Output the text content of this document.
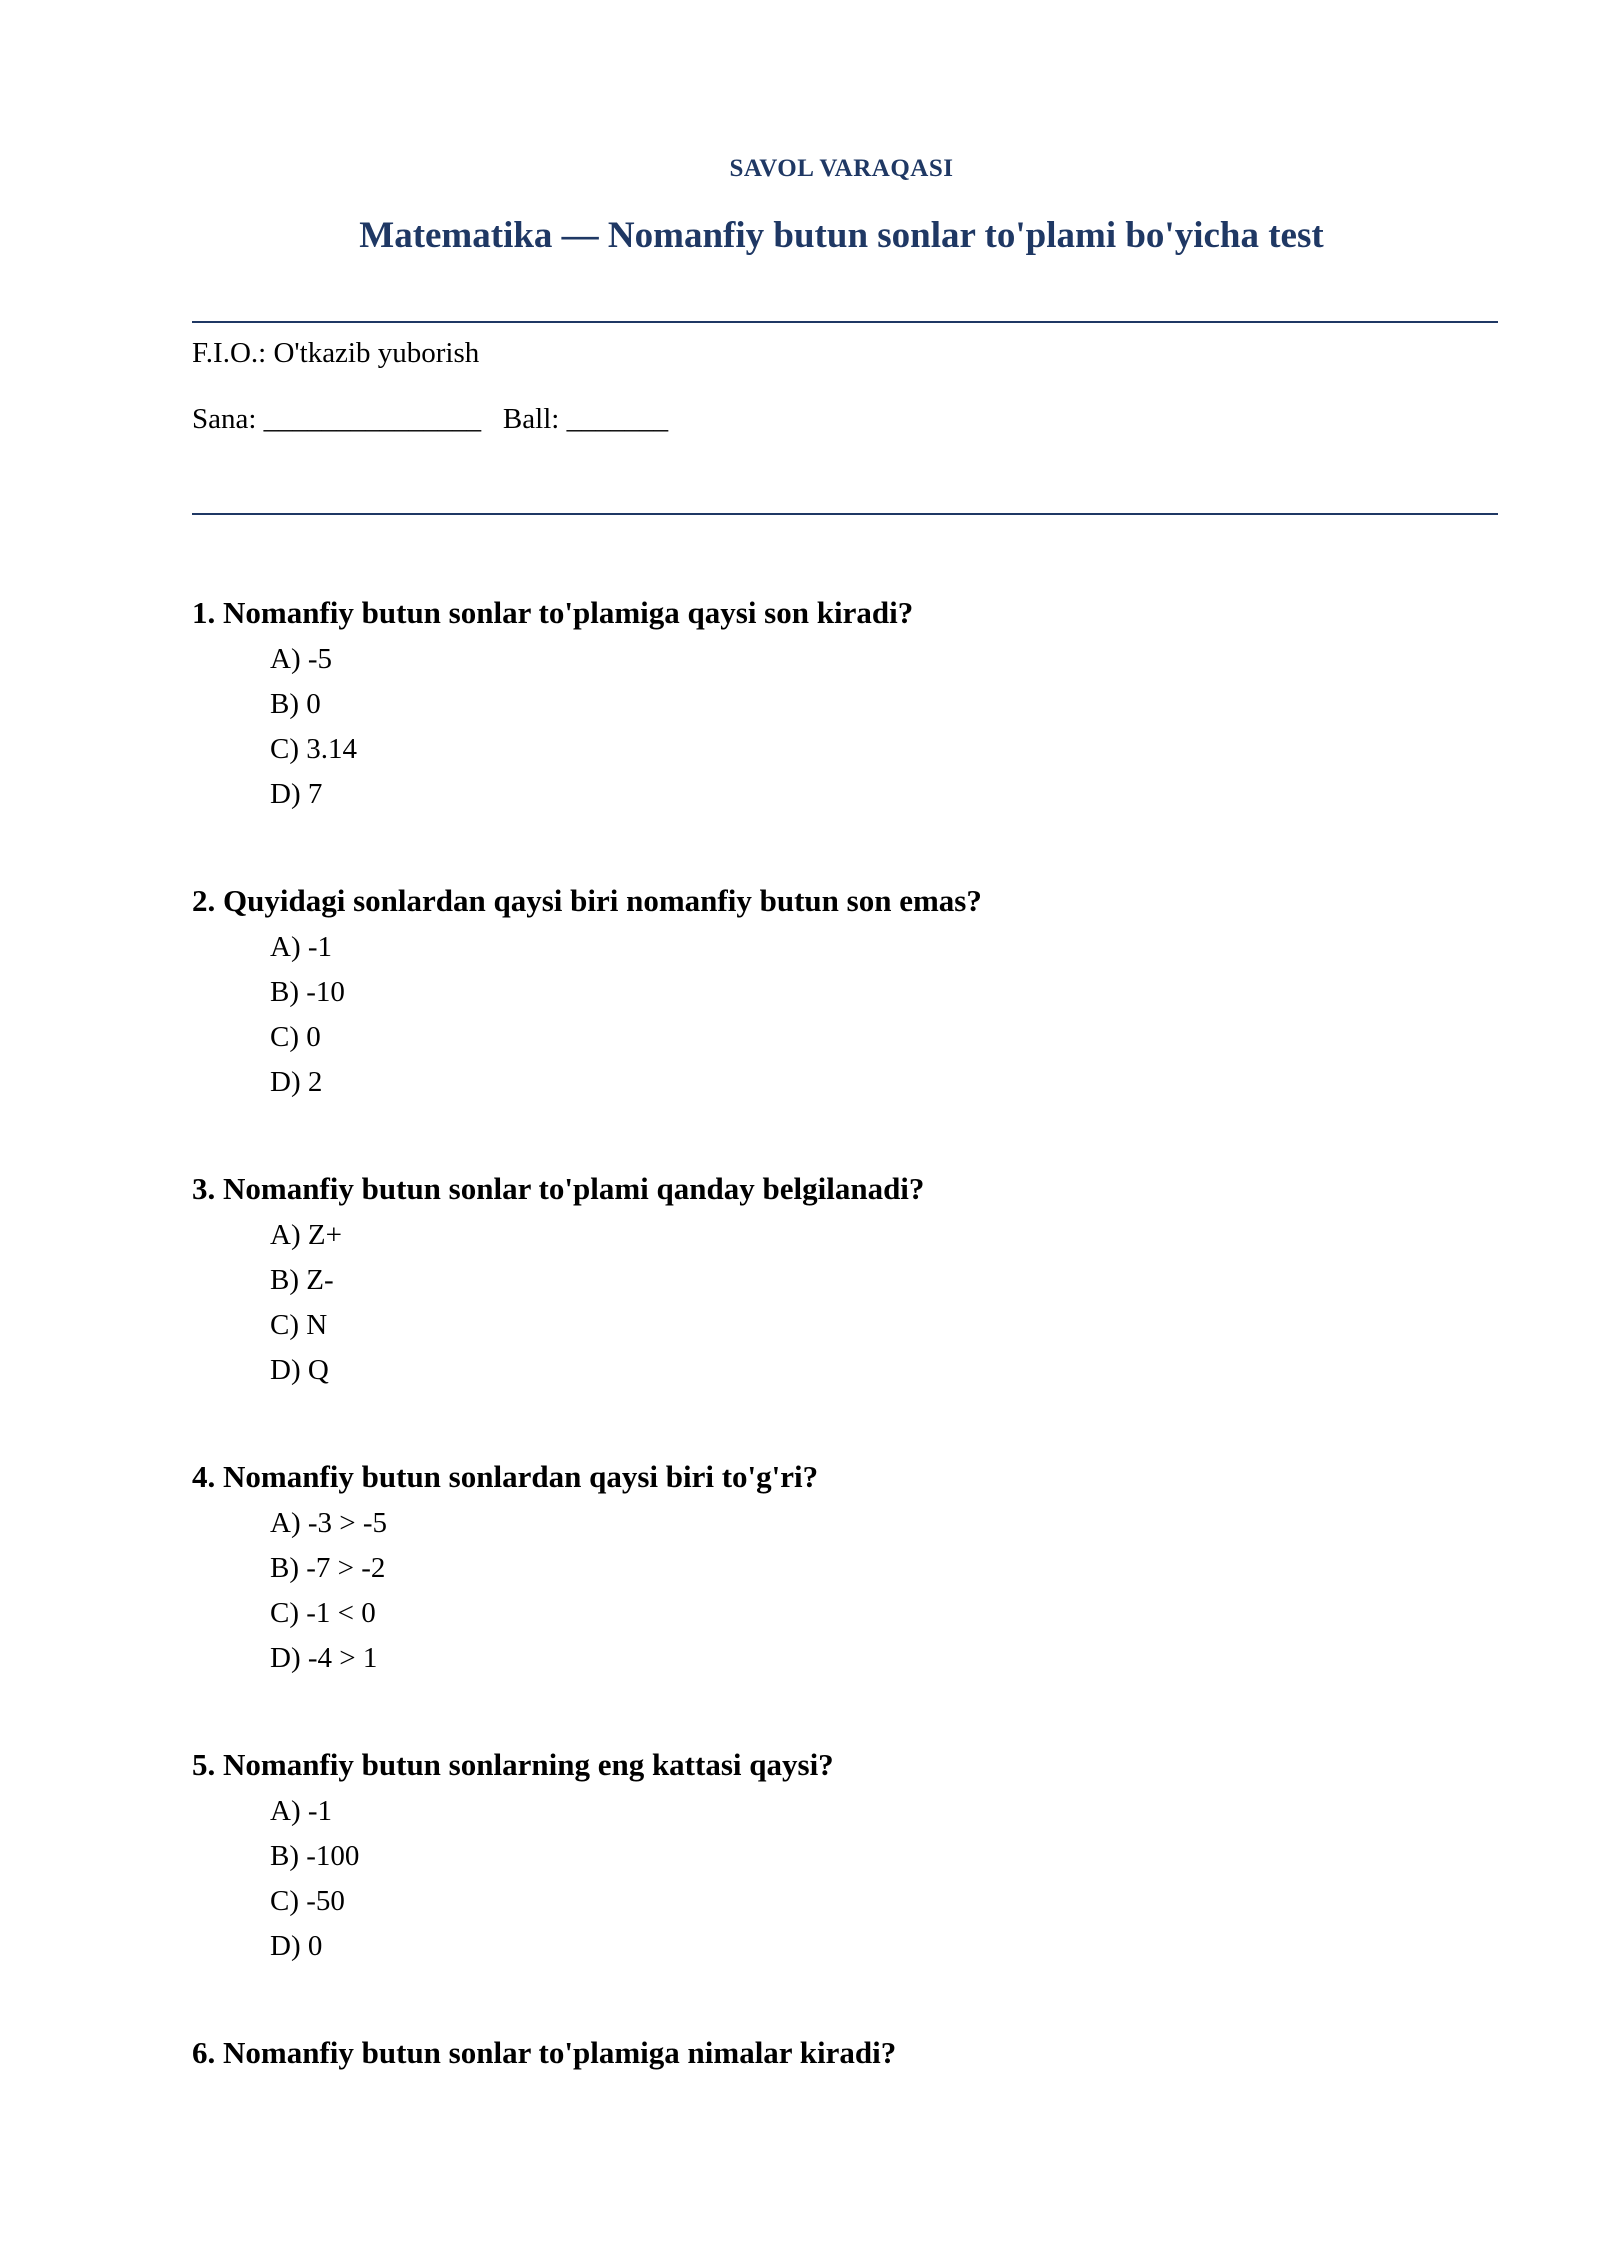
SAVOL VARAQASI
Matematika — Nomanfiy butun sonlar to'plami bo'yicha test
F.I.O.: O'tkazib yuborish
Sana: _______________   Ball: _______
1. Nomanfiy butun sonlar to'plamiga qaysi son kiradi?
A) -5
B) 0
C) 3.14
D) 7
2. Quyidagi sonlardan qaysi biri nomanfiy butun son emas?
A) -1
B) -10
C) 0
D) 2
3. Nomanfiy butun sonlar to'plami qanday belgilanadi?
A) Z+
B) Z-
C) N
D) Q
4. Nomanfiy butun sonlardan qaysi biri to'g'ri?
A) -3 > -5
B) -7 > -2
C) -1 < 0
D) -4 > 1
5. Nomanfiy butun sonlarning eng kattasi qaysi?
A) -1
B) -100
C) -50
D) 0
6. Nomanfiy butun sonlar to'plamiga nimalar kiradi?
